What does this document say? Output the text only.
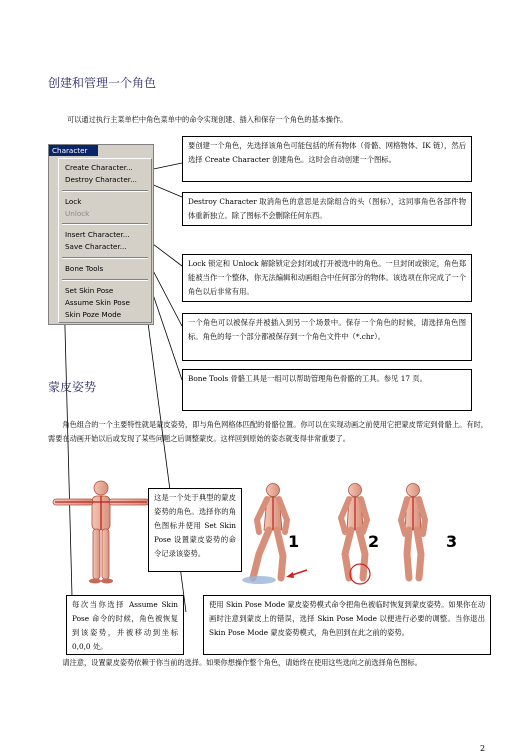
创建和管理一个角色
可以通过执行主菜单栏中角色菜单中的命令实现创建、插入和保存一个角色的基本操作。
Character
Create Character...
Destroy Character...
Lock
Unlock
Insert Character...
Save Character...
Bone Tools
Set Skin Pose
Assume Skin Pose
Skin Poze Mode
要创建一个角色，先选择该角色可能包括的所有物体（骨骼、网格物体、IK 链），然后选择 Create Character 创建角色。这时会自动创建一个图标。
Destroy Character 取消角色的意思是去除组合的头（图标），这同事角色各部件物体重新独立。除了图标不会删除任何东西。
Lock 锁定和 Unlock 解除锁定会封闭或打开被选中的角色。一旦封闭或锁定，角色郑能被当作一个整体，你无法编辑和动画组合中任何部分的物体。该选项在你完成了一个角色以后非常有用。
一个角色可以被保存并被插入到另一个场景中。保存一个角色的时候，请选择角色图标。角色的每一个部分都被保存到一个角色文件中（*.chr）。
Bone Tools 骨骼工具是一组可以帮助管理角色骨骼的工具。参见 17 页。
蒙皮姿势
角色组合的一个主要特性就是蒙皮姿势，即与角色网格体匹配的骨骼位置。你可以在实现动画之前使用它把蒙皮帮定到骨骼上。有时，需要在动画开始以后或发现了某些问题之后调整蒙皮。这样回到原始的姿态就变得非常重要了。
1	2	3
这是一个处于典型的蒙皮姿势的角色。选择你的角色图标并使用 Set Skin Pose 设置蒙皮姿势的命令记录该姿势。
每次当你选择 Assume Skin Pose 命令的时候，角色被恢复到该姿势，并被移动到坐标 0,0,0 处。
使用 Skin Pose Mode 蒙皮姿势模式命令把角色被临时恢复到蒙皮姿势。如果你在动画时注意到蒙皮上的错误，选择 Skin Pose Mode 以便进行必要的调整。当你退出 Skin Pose Mode 蒙皮姿势模式，角色回到在此之前的姿势。
请注意，设置蒙皮姿势依赖于你当前的选择。如果你想操作整个角色，请始终在使用这些选向之前选择角色图标。
2
